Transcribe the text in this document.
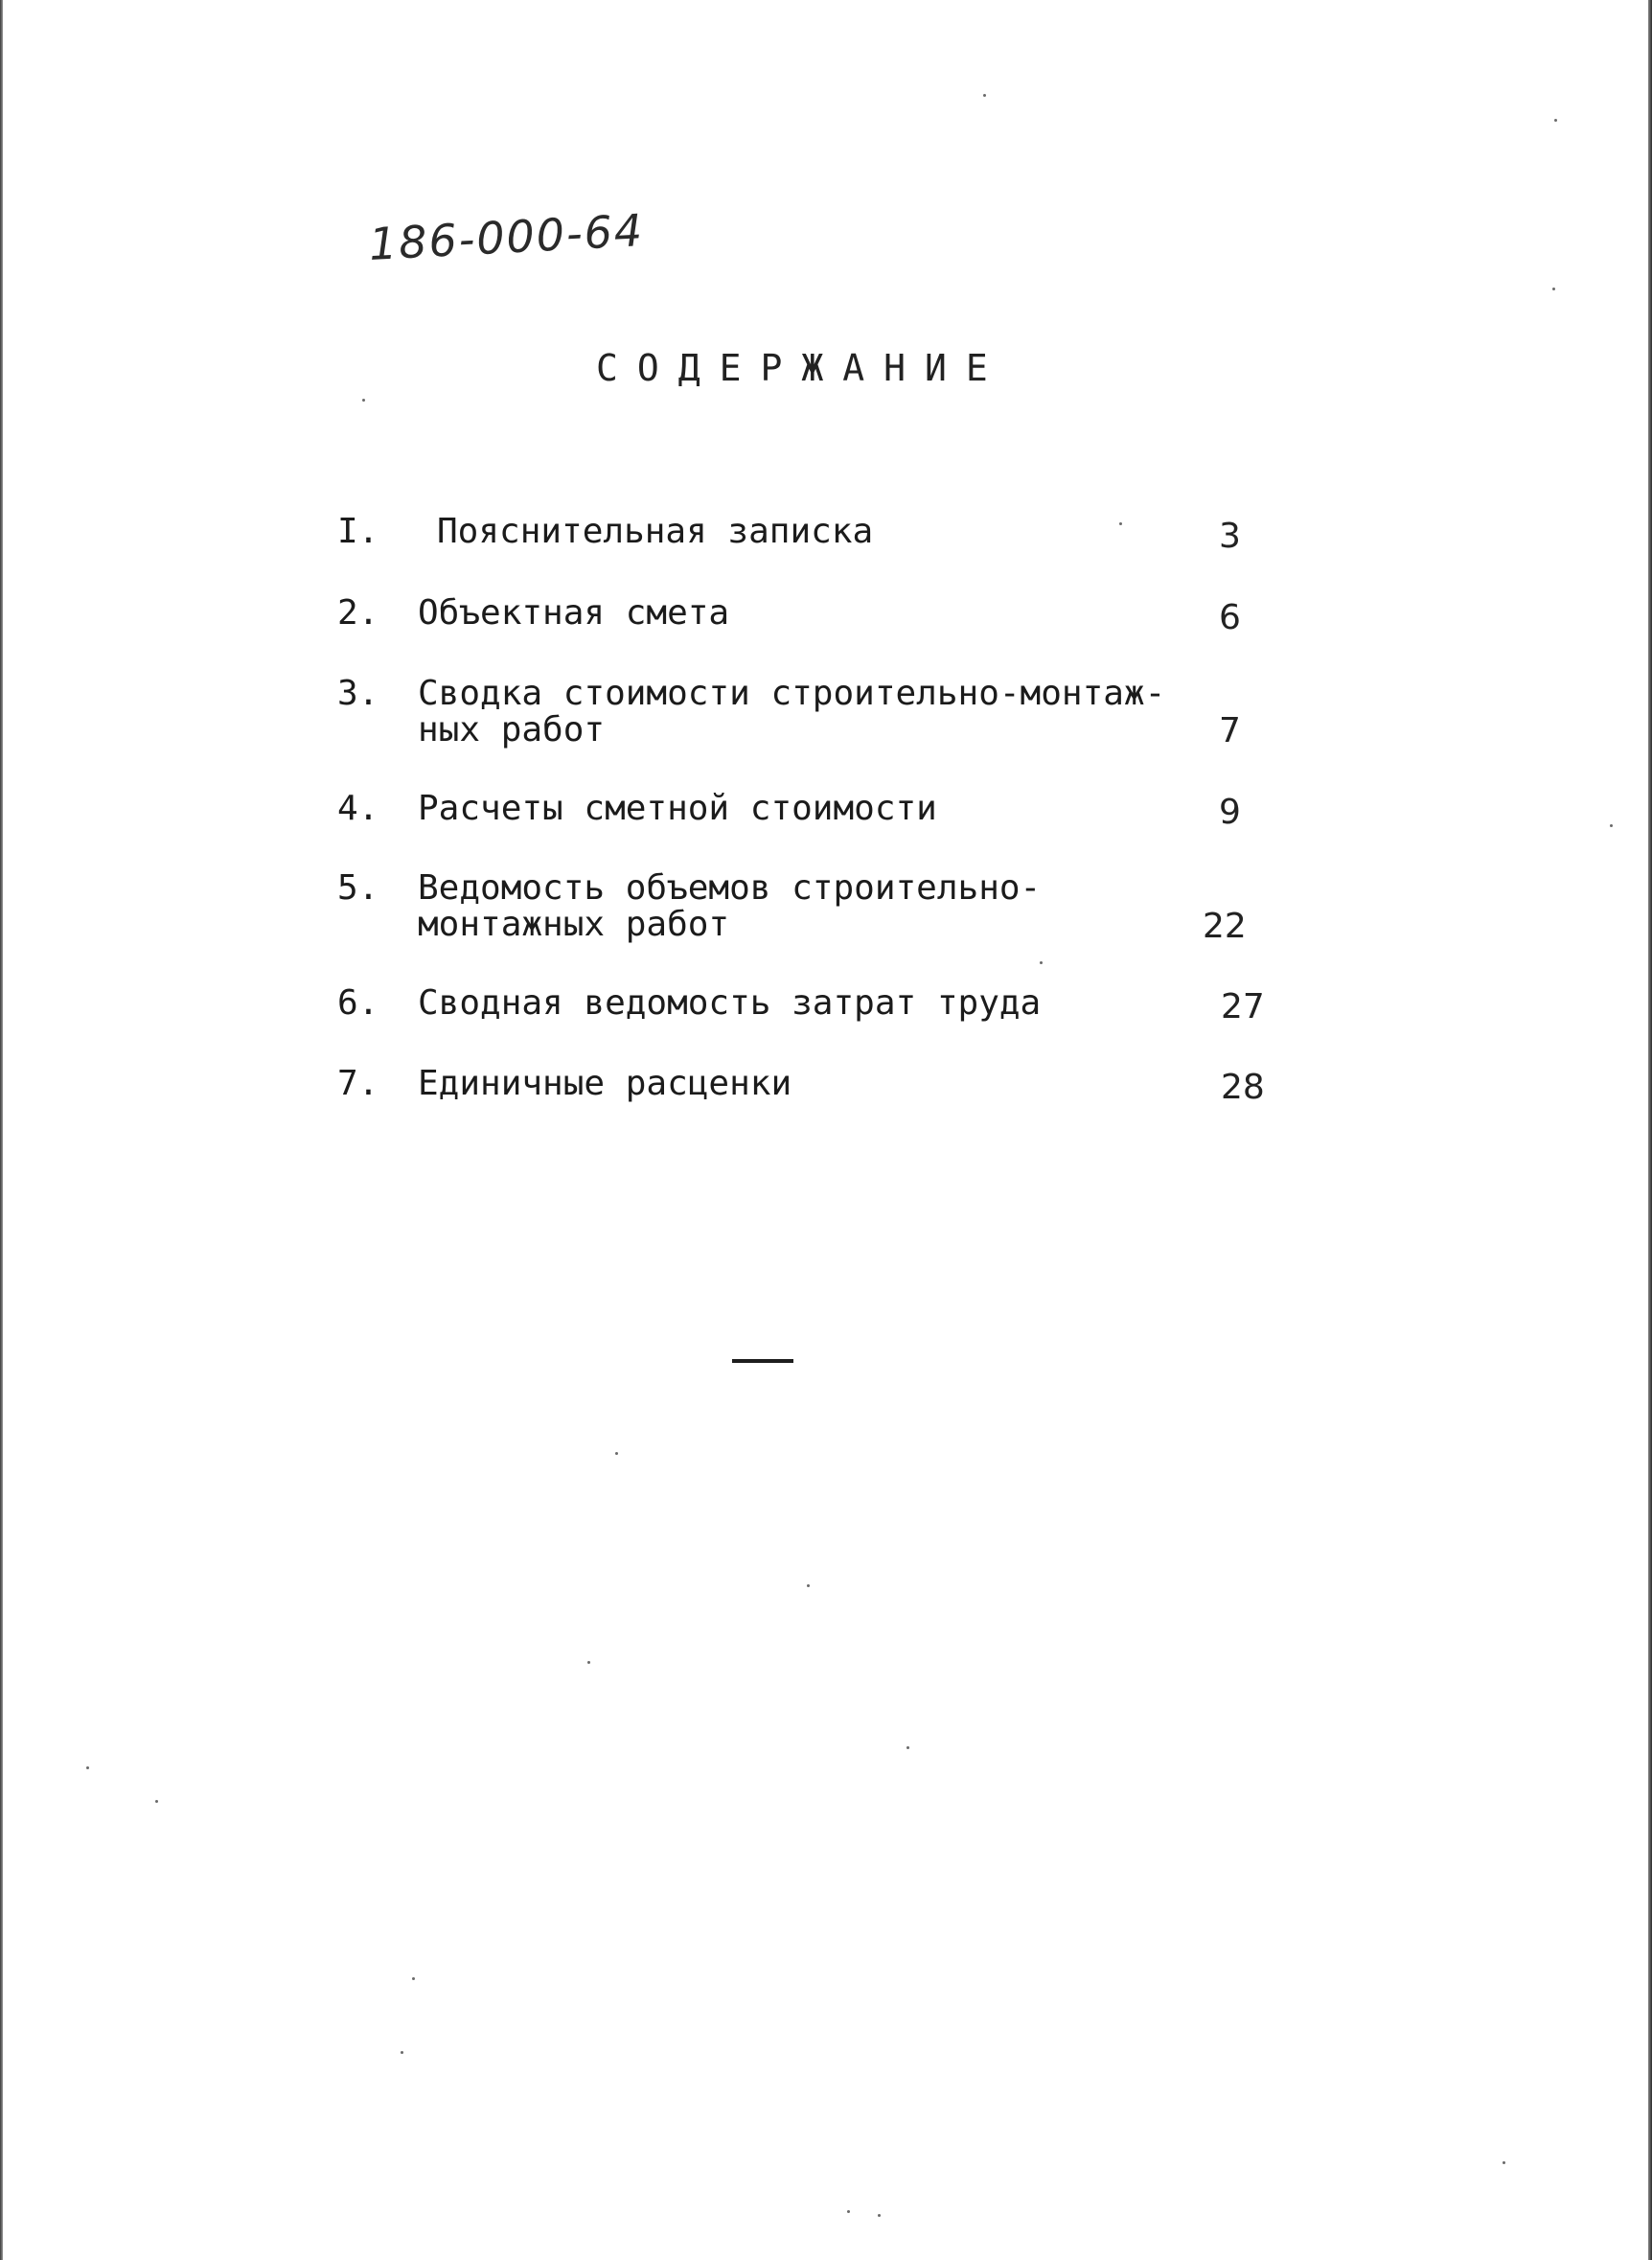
186-000-64
СОДЕРЖАНИЕ
I.	Пояснительная записка	3
2.	Объектная смета	6
3.	Сводка стоимости строительно-монтаж-
ных работ	7
4.	Расчеты сметной стоимости	9
5.	Ведомость объемов строительно-
монтажных работ	22
6.	Сводная ведомость затрат труда	27
7.	Единичные расценки	28
